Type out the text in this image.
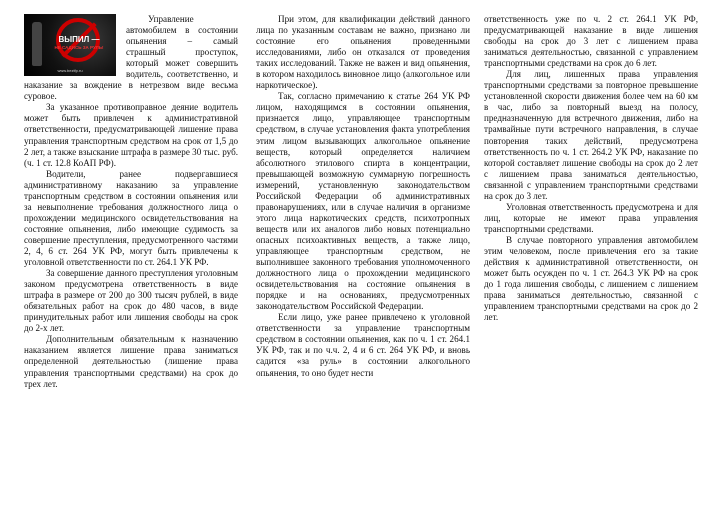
ВЫПИЛ —
НЕ САДИСЬ ЗА РУЛЬ!
www.beztfp.ru

Управление автомобилем в состоянии опьянения – самый страшный проступок, который может совершить водитель, соответственно, и наказание за вождение в нетрезвом виде весьма суровое.

За указанное противоправное деяние водитель может быть привлечен к административной ответственности, предусматривающей лишение права управления транспортным средством на срок от 1,5 до 2 лет, а также взыскание штрафа в размере 30 тыс. руб. (ч. 1 ст. 12.8 КоАП РФ).

Водители, ранее подвергавшиеся административному наказанию за управление транспортным средством в состоянии опьянения или за невыполнение требования должностного лица о прохождении медицинского освидетельствования на состояние опьянения, либо имеющие судимость за совершение преступления, предусмотренного частями 2, 4, 6 ст. 264 УК РФ, могут быть привлечены к уголовной ответственности по ст. 264.1 УК РФ.

За совершение данного преступления уголовным законом предусмотрена ответственность в виде штрафа в размере от 200 до 300 тысяч рублей, в виде обязательных работ на срок до 480 часов, в виде принудительных работ или лишения свободы на срок до 2-х лет.

Дополнительным обязательным к назначению наказанием является лишение права заниматься определенной деятельностью (лишение права управления транспортными средствами) на срок до трех лет.

При этом, для квалификации действий данного лица по указанным составам не важно, признано ли состояние его опьянения проведенными исследованиями, либо он отказался от проведения таких исследований. Также не важен и вид опьянения, в котором находилось виновное лицо (алкогольное или наркотическое).

Так, согласно примечанию к статье 264 УК РФ лицом, находящимся в состоянии опьянения, признается лицо, управляющее транспортным средством, в случае установления факта употребления этим лицом вызывающих алкогольное опьянение веществ, который определяется наличием абсолютного этилового спирта в концентрации, превышающей возможную суммарную погрешность измерений, установленную законодательством Российской Федерации об административных правонарушениях, или в случае наличия в организме этого лица наркотических средств, психотропных веществ или их аналогов либо новых потенциально опасных психоактивных веществ, а также лицо, управляющее транспортным средством, не выполнившее законного требования уполномоченного должностного лица о прохождении медицинского освидетельствования на состояние опьянения в порядке и на основаниях, предусмотренных законодательством Российской Федерации.

Если лицо, уже ранее привлечено к уголовной ответственности за управление транспортным средством в состоянии опьянения, как по ч. 1 ст. 264.1 УК РФ, так и по ч.ч. 2, 4 и 6 ст. 264 УК РФ, и вновь садится «за руль» в состоянии алкогольного опьянения, то оно будет нести

ответственность уже по ч. 2 ст. 264.1 УК РФ, предусматривающей наказание в виде лишения свободы на срок до 3 лет с лишением права заниматься деятельностью, связанной с управлением транспортными средствами на срок до 6 лет.

Для лиц, лишенных права управления транспортными средствами за повторное превышение установленной скорости движения более чем на 60 км в час, либо за повторный выезд на полосу, предназначенную для встречного движения, либо на трамвайные пути встречного направления, в случае повторения таких действий, предусмотрена ответственность по ч. 1 ст. 264.2 УК РФ, наказание по которой составляет лишение свободы на срок до 2 лет с лишением права заниматься деятельностью, связанной с управлением транспортными средствами на срок до 3 лет.

Уголовная ответственность предусмотрена и для лиц, которые не имеют права управления транспортными средствами.

В случае повторного управления автомобилем этим человеком, после привлечения его за такие действия к административной ответственности, он может быть осужден по ч. 1 ст. 264.3 УК РФ на срок до 1 года лишения свободы, с лишением с лишением права заниматься деятельностью, связанной с управлением транспортными средствами на срок до 2 лет.
